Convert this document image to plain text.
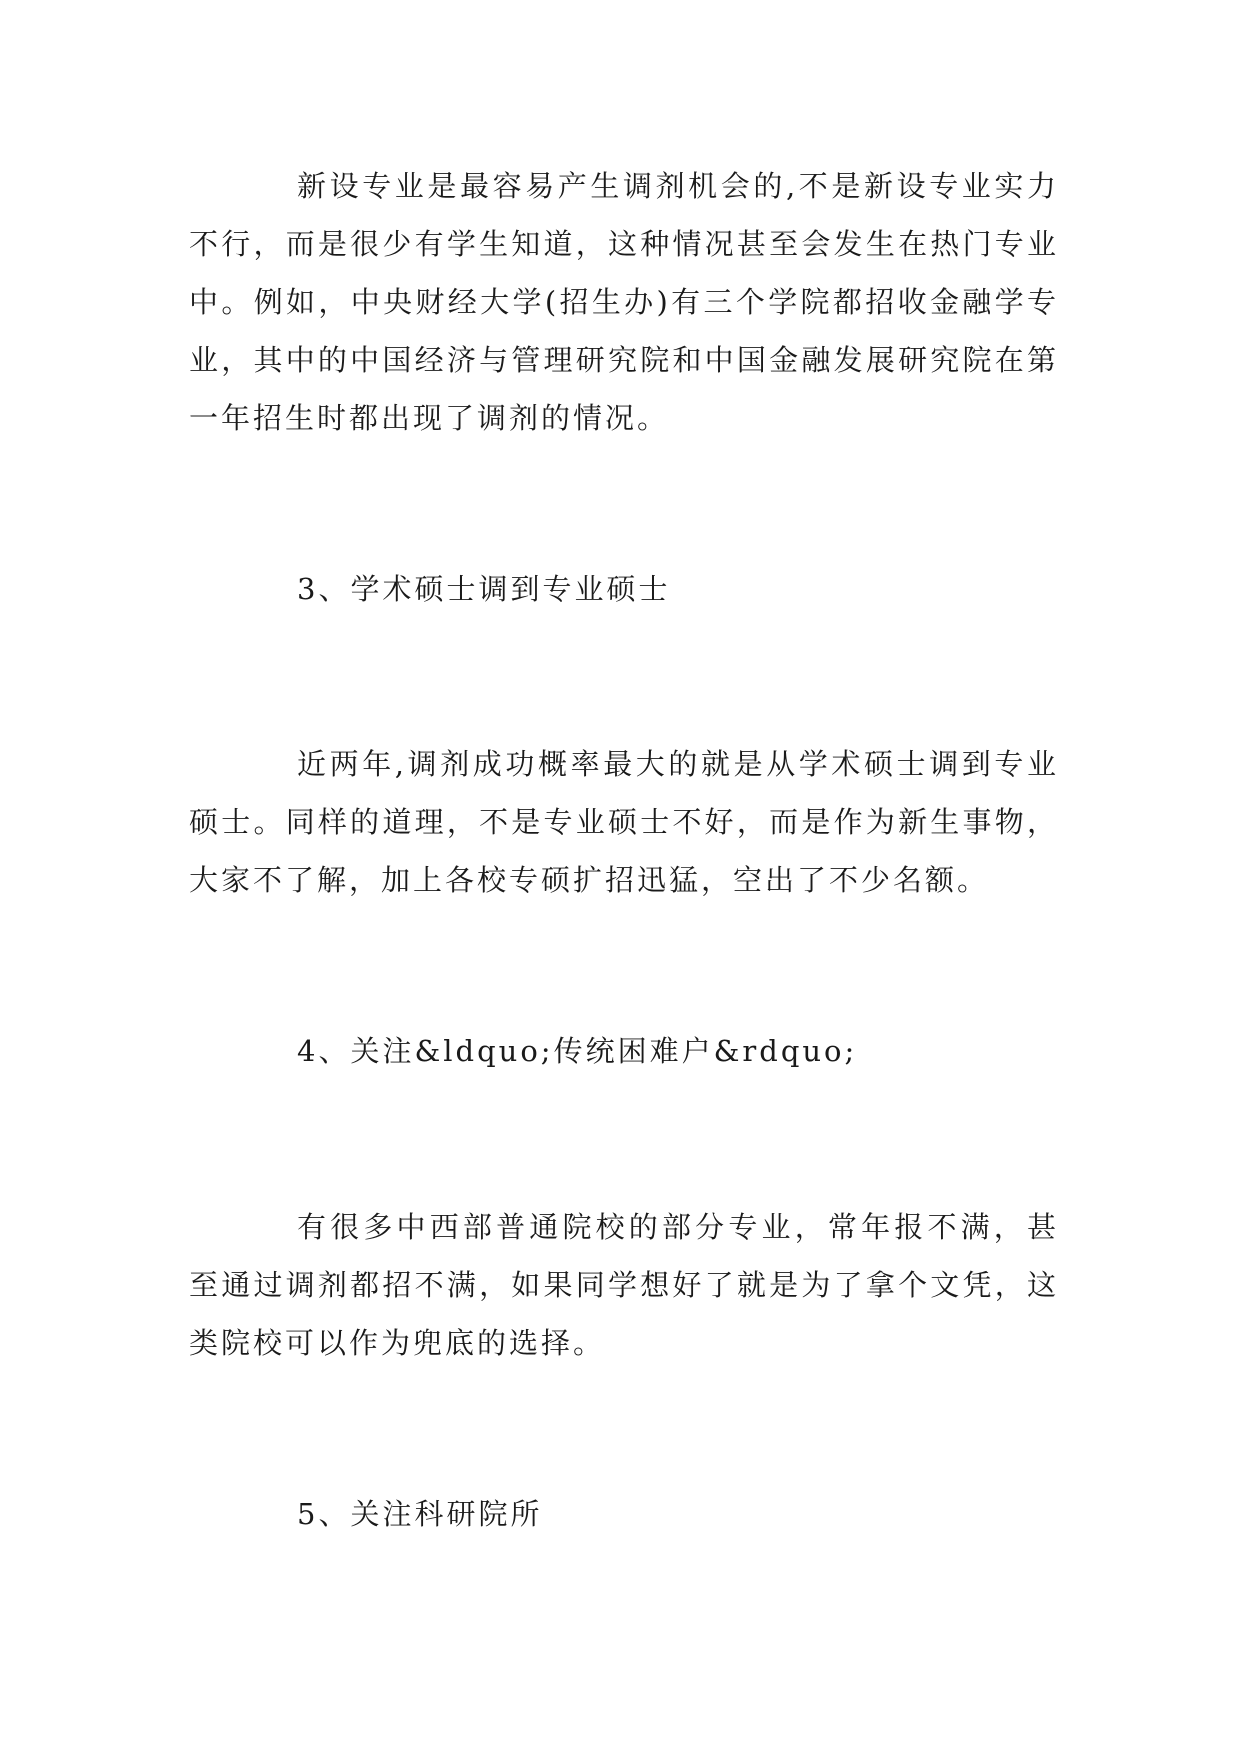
新设专业是最容易产生调剂机会的,不是新设专业实力不行，而是很少有学生知道，这种情况甚至会发生在热门专业中。例如，中央财经大学(招生办)有三个学院都招收金融学专业，其中的中国经济与管理研究院和中国金融发展研究院在第一年招生时都出现了调剂的情况。

3、学术硕士调到专业硕士

近两年,调剂成功概率最大的就是从学术硕士调到专业硕士。同样的道理，不是专业硕士不好，而是作为新生事物，大家不了解，加上各校专硕扩招迅猛，空出了不少名额。

4、关注&ldquo;传统困难户&rdquo;

有很多中西部普通院校的部分专业，常年报不满，甚至通过调剂都招不满，如果同学想好了就是为了拿个文凭，这类院校可以作为兜底的选择。

5、关注科研院所
